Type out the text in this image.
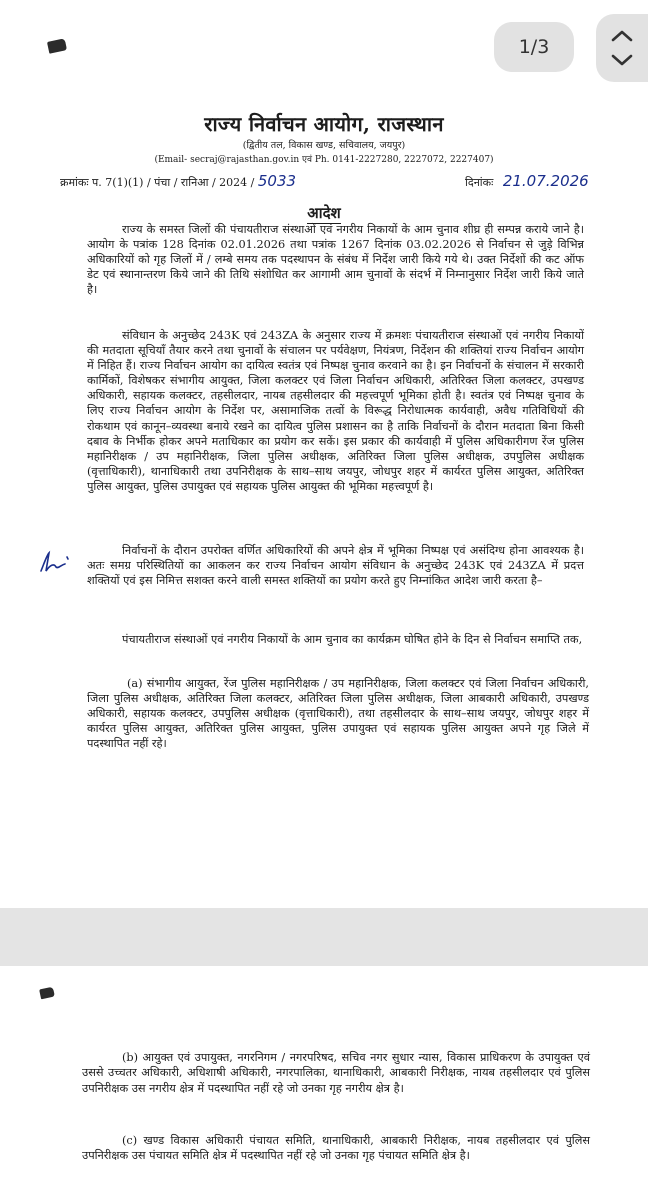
राज्य निर्वाचन आयोग, राजस्थान
(द्वितीय तल, विकास खण्ड, सचिवालय, जयपुर)
(Email- secraj@rajasthan.gov.in एवं Ph. 0141-2227280, 2227072, 2227407)
क्रमांकः प. 7(1)(1) / पंचा / रानिआ / 2024 / 5033	दिनांकः 21.07.2026
आदेश
राज्य के समस्त जिलों की पंचायतीराज संस्थाओं एवं नगरीय निकायों के आम चुनाव शीघ्र ही सम्पन्न कराये जाने है। आयोग के पत्रांक 128 दिनांक 02.01.2026 तथा पत्रांक 1267 दिनांक 03.02.2026 से निर्वाचन से जुड़े विभिन्न अधिकारियों को गृह जिलों में / लम्बे समय तक पदस्थापन के संबंध में निर्देश जारी किये गये थे। उक्त निर्देशों की कट ऑफ डेट एवं स्थानान्तरण किये जाने की तिथि संशोधित कर आगामी आम चुनावों के संदर्भ में निम्नानुसार निर्देश जारी किये जाते है।
संविधान के अनुच्छेद 243K एवं 243ZA के अनुसार राज्य में क्रमशः पंचायतीराज संस्थाओं एवं नगरीय निकायों की मतदाता सूचियाँ तैयार करने तथा चुनावों के संचालन पर पर्यवेक्षण, नियंत्रण, निर्देशन की शक्तियां राज्य निर्वाचन आयोग में निहित हैं। राज्य निर्वाचन आयोग का दायित्व स्वतंत्र एवं निष्पक्ष चुनाव करवाने का है। इन निर्वाचनों के संचालन में सरकारी कार्मिकों, विशेषकर संभागीय आयुक्त, जिला कलक्टर एवं जिला निर्वाचन अधिकारी, अतिरिक्त जिला कलक्टर, उपखण्ड अधिकारी, सहायक कलक्टर, तहसीलदार, नायब तहसीलदार की महत्त्वपूर्ण भूमिका होती है। स्वतंत्र एवं निष्पक्ष चुनाव के लिए राज्य निर्वाचन आयोग के निर्देश पर, असामाजिक तत्वों के विरूद्ध निरोधात्मक कार्यवाही, अवैध गतिविधियों की रोकथाम एवं कानून–व्यवस्था बनाये रखने का दायित्व पुलिस प्रशासन का है ताकि निर्वाचनों के दौरान मतदाता बिना किसी दबाव के निर्भीक होकर अपने मताधिकार का प्रयोग कर सकें। इस प्रकार की कार्यवाही में पुलिस अधिकारीगण रेंज पुलिस महानिरीक्षक / उप महानिरीक्षक, जिला पुलिस अधीक्षक, अतिरिक्त जिला पुलिस अधीक्षक, उपपुलिस अधीक्षक (वृत्ताधिकारी), थानाधिकारी तथा उपनिरीक्षक के साथ–साथ जयपुर, जोधपुर शहर में कार्यरत पुलिस आयुक्त, अतिरिक्त पुलिस आयुक्त, पुलिस उपायुक्त एवं सहायक पुलिस आयुक्त की भूमिका महत्त्वपूर्ण है।
निर्वाचनों के दौरान उपरोक्त वर्णित अधिकारियों की अपने क्षेत्र में भूमिका निष्पक्ष एवं असंदिग्ध होना आवश्यक है। अतः समग्र परिस्थितियों का आकलन कर राज्य निर्वाचन आयोग संविधान के अनुच्छेद 243K एवं 243ZA में प्रदत्त शक्तियों एवं इस निमित्त सशक्त करने वाली समस्त शक्तियों का प्रयोग करते हुए निम्नांकित आदेश जारी करता है–
पंचायतीराज संस्थाओं एवं नगरीय निकायों के आम चुनाव का कार्यक्रम घोषित होने के दिन से निर्वाचन समाप्ति तक,
(a) संभागीय आयुक्त, रेंज पुलिस महानिरीक्षक / उप महानिरीक्षक, जिला कलक्टर एवं जिला निर्वाचन अधिकारी, जिला पुलिस अधीक्षक, अतिरिक्त जिला कलक्टर, अतिरिक्त जिला पुलिस अधीक्षक, जिला आबकारी अधिकारी, उपखण्ड अधिकारी, सहायक कलक्टर, उपपुलिस अधीक्षक (वृत्ताधिकारी), तथा तहसीलदार के साथ–साथ जयपुर, जोधपुर शहर में कार्यरत पुलिस आयुक्त, अतिरिक्त पुलिस आयुक्त, पुलिस उपायुक्त एवं सहायक पुलिस आयुक्त अपने गृह जिले में पदस्थापित नहीं रहे।
1/3
(b) आयुक्त एवं उपायुक्त, नगरनिगम / नगरपरिषद, सचिव नगर सुधार न्यास, विकास प्राधिकरण के उपायुक्त एवं उससे उच्चतर अधिकारी, अधिशाषी अधिकारी, नगरपालिका, थानाधिकारी, आबकारी निरीक्षक, नायब तहसीलदार एवं पुलिस उपनिरीक्षक उस नगरीय क्षेत्र में पदस्थापित नहीं रहे जो उनका गृह नगरीय क्षेत्र है।
(c) खण्ड विकास अधिकारी पंचायत समिति, थानाधिकारी, आबकारी निरीक्षक, नायब तहसीलदार एवं पुलिस उपनिरीक्षक उस पंचायत समिति क्षेत्र में पदस्थापित नहीं रहे जो उनका गृह पंचायत समिति क्षेत्र है।
